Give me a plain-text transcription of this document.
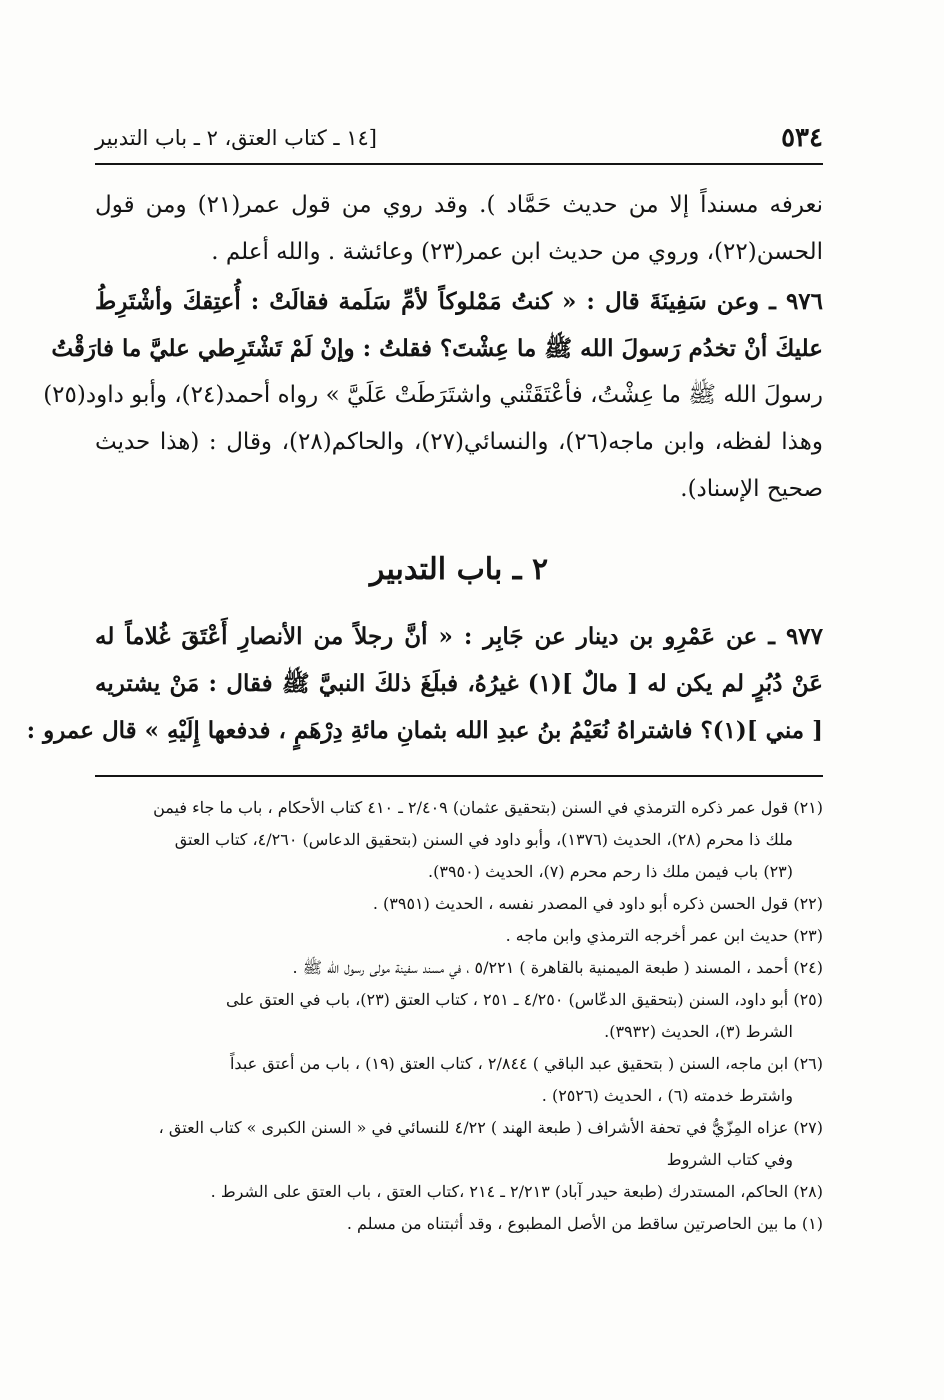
٥٣٤
[١٤ ـ كتاب العتق، ٢ ـ باب التدبير
نعرفه مسنداً إلا من حديث حَمَّاد ). وقد روي من قول عمر(٢١) ومن قول
الحسن(٢٢)، وروي من حديث ابن عمر(٢٣) وعائشة . والله أعلم .
٩٧٦ ـ وعن سَفِينَةَ قال : « كنتُ مَمْلوكاً لأمِّ سَلَمة فقالَتْ : أُعتِقكَ وأشْتَرِطُ
عليكَ أنْ تخدُم رَسولَ الله ﷺ ما عِشْتَ؟ فقلتُ : وإنْ لَمْ تَشْتَرِطي عليَّ ما فارَقْتُ
رسولَ الله ﷺ ما عِشْتُ، فأعْتَقَتْني واشتَرَطَتْ عَلَيَّ » رواه أحمد(٢٤)، وأبو داود(٢٥)
وهذا لفظه، وابن ماجه(٢٦)، والنسائي(٢٧)، والحاكم(٢٨)، وقال : (هذا حديث
صحيح الإسناد).
٢ ـ باب التدبير
٩٧٧ ـ عن عَمْرِو بن دينار عن جَابِر : « أنَّ رجلاً من الأنصارِ أَعْتَقَ غُلاماً له
عَنْ دُبُرٍ لم يكن له [ مالٌ ](١) غيرُهُ، فبلَغَ ذلكَ النبيَّ ﷺ فقال : مَنْ يشتريه
[ مني ](١)؟ فاشتراهُ نُعَيْمُ بنُ عبدِ الله بثمانِ مائةِ دِرْهَمٍ ، فدفعها إِلَيْهِ » قال عمرو :
(٢١) قول عمر ذكره الترمذي في السنن (بتحقيق عثمان) ٢/٤٠٩ ـ ٤١٠ كتاب الأحكام ، باب ما جاء فيمن
ملك ذا محرم (٢٨)، الحديث (١٣٧٦)، وأبو داود في السنن (بتحقيق الدعاس) ٤/٢٦٠، كتاب العتق
(٢٣) باب فيمن ملك ذا رحم محرم (٧)، الحديث (٣٩٥٠).
(٢٢) قول الحسن ذكره أبو داود في المصدر نفسه ، الحديث (٣٩٥١) .
(٢٣) حديث ابن عمر أخرجه الترمذي وابن ماجه .
(٢٤) أحمد ، المسند ( طبعة الميمنية بالقاهرة ) ٥/٢٢١ ، في مسند سفينة مولى رسول الله ﷺ .
(٢٥) أبو داود، السنن (بتحقيق الدعّاس) ٤/٢٥٠ ـ ٢٥١ ، كتاب العتق (٢٣)، باب في العتق على
الشرط (٣)، الحديث (٣٩٣٢).
(٢٦) ابن ماجه، السنن ( بتحقيق عبد الباقي ) ٢/٨٤٤ ، كتاب العتق (١٩) ، باب من أعتق عبداً
واشترط خدمته (٦) ، الحديث (٢٥٢٦) .
(٢٧) عزاه المِزّيُّ في تحفة الأشراف ( طبعة الهند ) ٤/٢٢ للنسائي في « السنن الكبرى » كتاب العتق ،
وفي كتاب الشروط
(٢٨) الحاكم، المستدرك (طبعة حيدر آباد) ٢/٢١٣ ـ ٢١٤ ،كتاب العتق ، باب العتق على الشرط .
(١) ما بين الحاصرتين ساقط من الأصل المطبوع ، وقد أثبتناه من مسلم .
